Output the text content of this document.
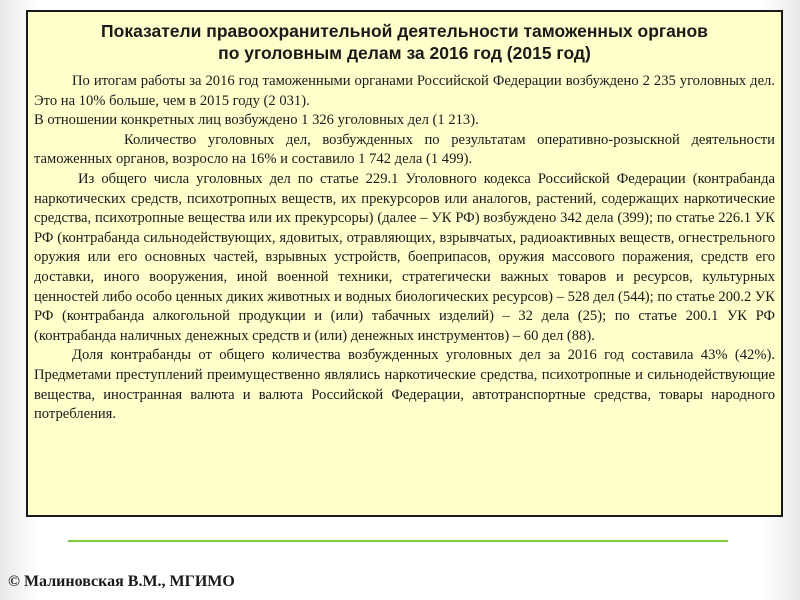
Показатели правоохранительной деятельности таможенных органов
по уголовным делам за 2016 год (2015 год)

По итогам работы за 2016 год таможенными органами Российской Федерации возбуждено 2 235 уголовных дел. Это на 10% больше, чем в 2015 году (2 031).

В отношении конкретных лиц возбуждено 1 326 уголовных дел (1 213).

Количество уголовных дел, возбужденных по результатам оперативно-розыскной деятельности таможенных органов, возросло на 16% и составило 1 742 дела (1 499).

Из общего числа уголовных дел по статье 229.1 Уголовного кодекса Российской Федерации (контрабанда наркотических средств, психотропных веществ, их прекурсоров или аналогов, растений, содержащих наркотические средства, психотропные вещества или их прекурсоры) (далее – УК РФ) возбуждено 342 дела (399); по статье 226.1 УК РФ (контрабанда сильнодействующих, ядовитых, отравляющих, взрывчатых, радиоактивных веществ, огнестрельного оружия или его основных частей, взрывных устройств, боеприпасов, оружия массового поражения, средств его доставки, иного вооружения, иной военной техники, стратегически важных товаров и ресурсов, культурных ценностей либо особо ценных диких животных и водных биологических ресурсов) – 528 дел (544); по статье 200.2 УК РФ (контрабанда алкогольной продукции и (или) табачных изделий) – 32 дела (25); по статье 200.1 УК РФ (контрабанда наличных денежных средств и (или) денежных инструментов) – 60 дел (88).

Доля контрабанды от общего количества возбужденных уголовных дел за 2016 год составила 43% (42%). Предметами преступлений преимущественно являлись наркотические средства, психотропные и сильнодействующие вещества, иностранная валюта и валюта Российской Федерации, автотранспортные средства, товары народного потребления.

© Малиновская В.М., МГИМО
